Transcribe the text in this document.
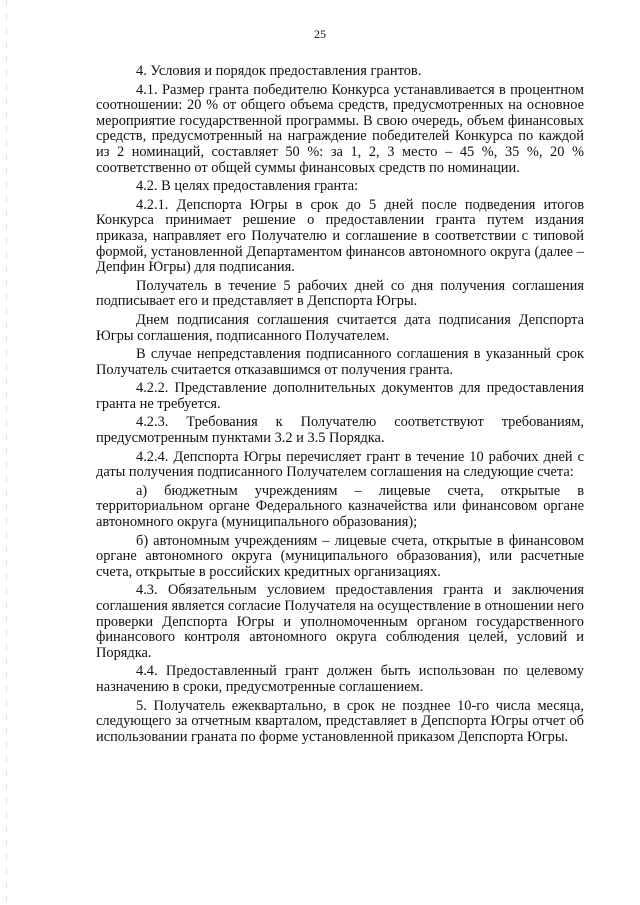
25

4. Условия и порядок предоставления грантов.

4.1. Размер гранта победителю Конкурса устанавливается в процентном соотношении: 20 % от общего объема средств, предусмотренных на основное мероприятие государственной программы. В свою очередь, объем финансовых средств, предусмотренный на награждение победителей Конкурса по каждой из 2 номинаций, составляет 50 %: за 1, 2, 3 место – 45 %, 35 %, 20 % соответственно от общей суммы финансовых средств по номинации.

4.2. В целях предоставления гранта:

4.2.1. Депспорта Югры в срок до 5 дней после подведения итогов Конкурса принимает решение о предоставлении гранта путем издания приказа, направляет его Получателю и соглашение в соответствии с типовой формой, установленной Департаментом финансов автономного округа (далее – Депфин Югры) для подписания.

Получатель в течение 5 рабочих дней со дня получения соглашения подписывает его и представляет в Депспорта Югры.

Днем подписания соглашения считается дата подписания Депспорта Югры соглашения, подписанного Получателем.

В случае непредставления подписанного соглашения в указанный срок Получатель считается отказавшимся от получения гранта.

4.2.2. Представление дополнительных документов для предоставления гранта не требуется.

4.2.3. Требования к Получателю соответствуют требованиям, предусмотренным пунктами 3.2 и 3.5 Порядка.

4.2.4. Депспорта Югры перечисляет грант в течение 10 рабочих дней с даты получения подписанного Получателем соглашения на следующие счета:

а) бюджетным учреждениям – лицевые счета, открытые в территориальном органе Федерального казначейства или финансовом органе автономного округа (муниципального образования);

б) автономным учреждениям – лицевые счета, открытые в финансовом органе автономного округа (муниципального образования), или расчетные счета, открытые в российских кредитных организациях.

4.3. Обязательным условием предоставления гранта и заключения соглашения является согласие Получателя на осуществление в отношении него проверки Депспорта Югры и уполномоченным органом государственного финансового контроля автономного округа соблюдения целей, условий и Порядка.

4.4. Предоставленный грант должен быть использован по целевому назначению в сроки, предусмотренные соглашением.

5. Получатель ежеквартально, в срок не позднее 10-го числа месяца, следующего за отчетным кварталом, представляет в Депспорта Югры отчет об использовании граната по форме установленной приказом Депспорта Югры.
